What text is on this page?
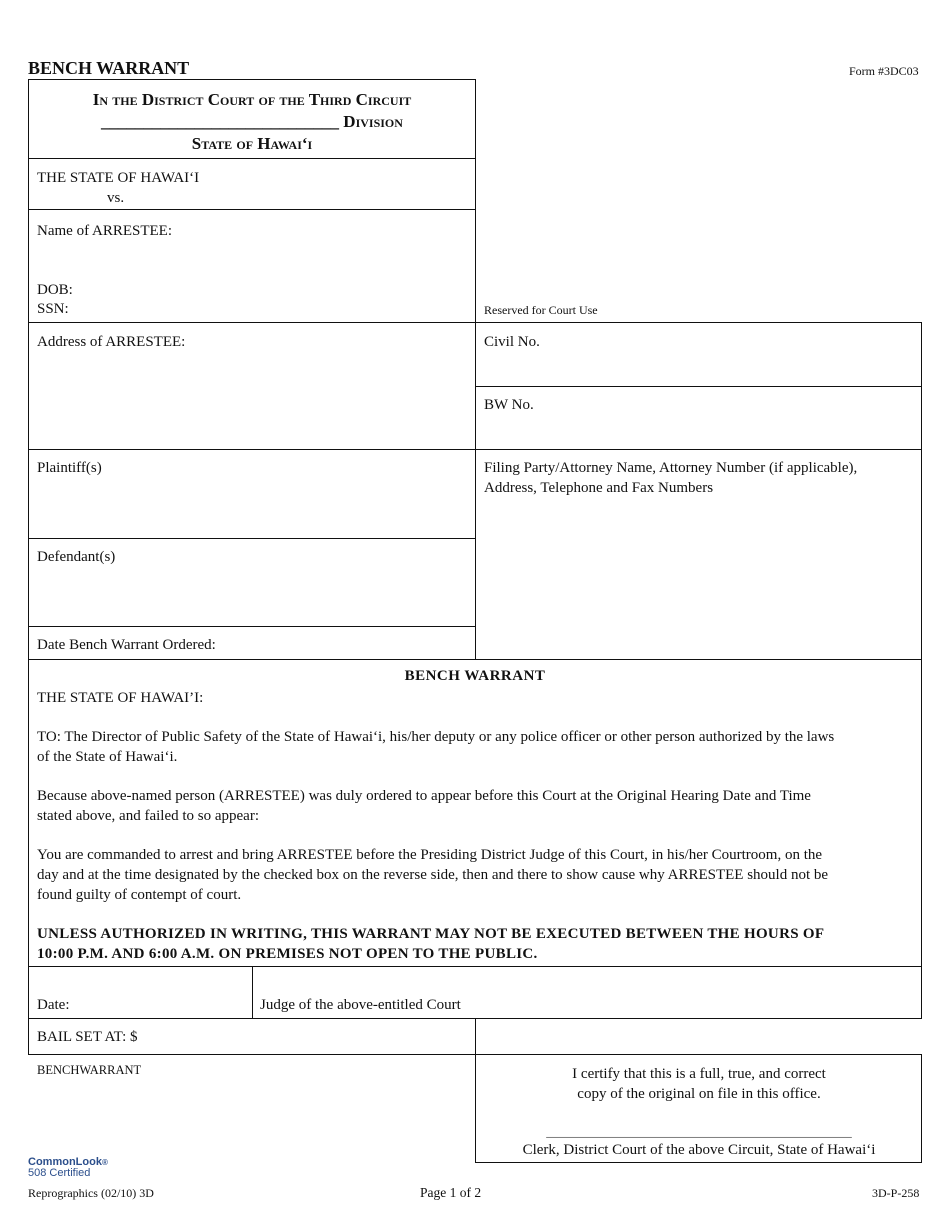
BENCH WARRANT	Form #3DC03
In the District Court of the Third Circuit
____________________________ Division
State of Hawai‘i
THE STATE OF HAWAI‘I
vs.
Name of ARRESTEE:
DOB:
SSN:
Address of ARRESTEE:
Reserved for Court Use
Civil No.
BW No.
Filing Party/Attorney Name, Attorney Number (if applicable),
Address, Telephone and Fax Numbers
Plaintiff(s)
Defendant(s)
Date Bench Warrant Ordered:
BENCH WARRANT
THE STATE OF HAWAI’I:
TO: The Director of Public Safety of the State of Hawai‘i, his/her deputy or any police officer or other person authorized by the laws
of the State of Hawai‘i.
Because above-named person (ARRESTEE) was duly ordered to appear before this Court at the Original Hearing Date and Time
stated above, and failed to so appear:
You are commanded to arrest and bring ARRESTEE before the Presiding District Judge of this Court, in his/her Courtroom, on the
day and at the time designated by the checked box on the reverse side, then and there to show cause why ARRESTEE should not be
found guilty of contempt of court.
UNLESS AUTHORIZED IN WRITING, THIS WARRANT MAY NOT BE EXECUTED BETWEEN THE HOURS OF
10:00 P.M. AND 6:00 A.M. ON PREMISES NOT OPEN TO THE PUBLIC.
Date:	Judge of the above-entitled Court
BAIL SET AT: $
BENCHWARRANT	I certify that this is a full, true, and correct
copy of the original on file in this office.
_______________________________________________
Clerk, District Court of the above Circuit, State of Hawai‘i
CommonLook®
508 Certified
Reprographics (02/10) 3D	Page 1 of 2	3D-P-258
